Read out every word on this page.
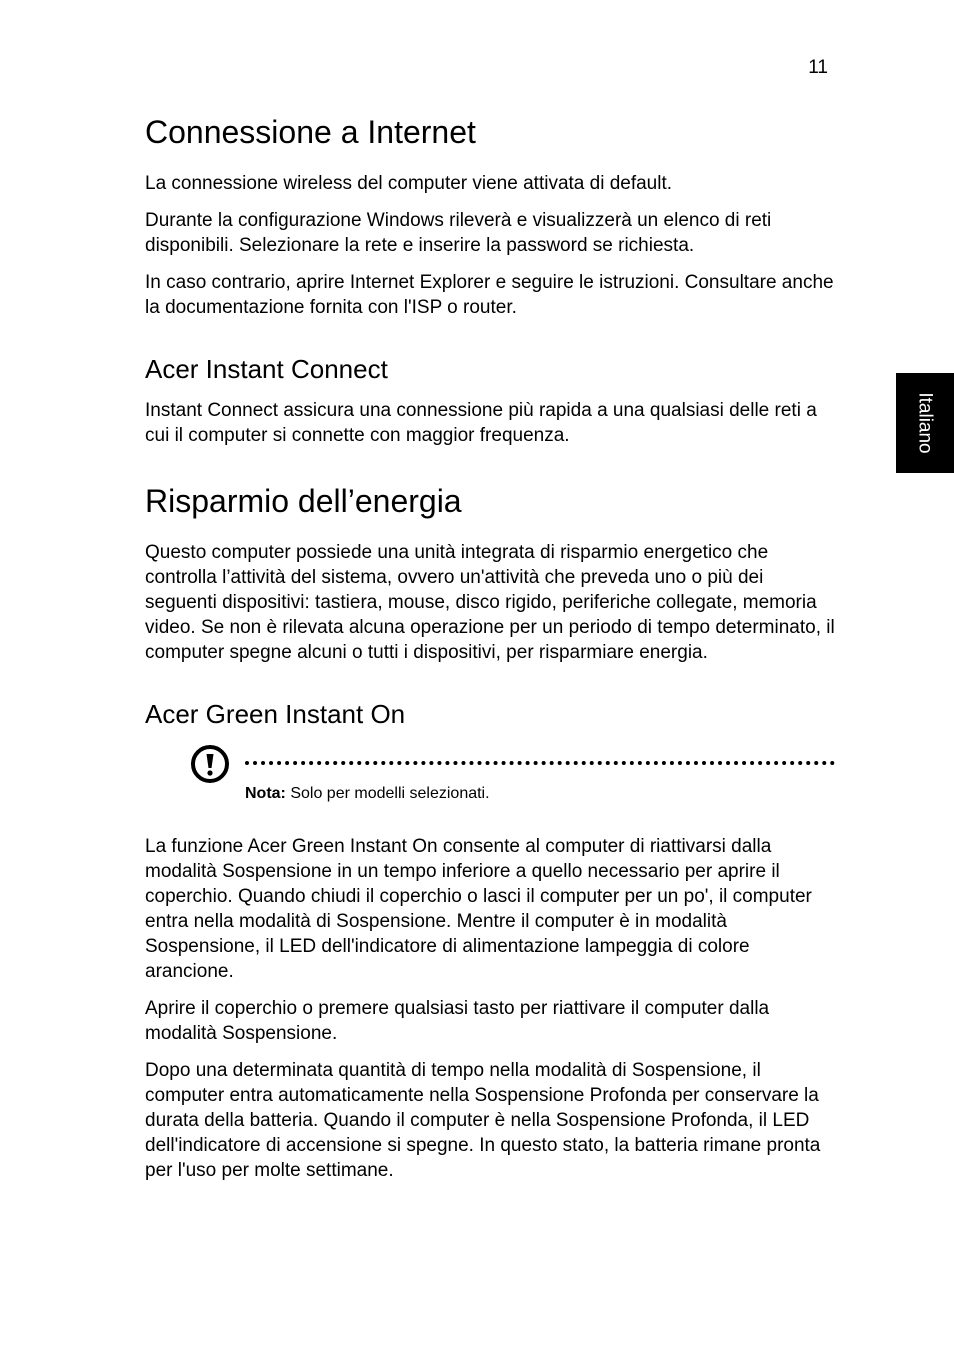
11
Italiano
Connessione a Internet

La connessione wireless del computer viene attivata di default.

Durante la configurazione Windows rileverà e visualizzerà un elenco di reti disponibili. Selezionare la rete e inserire la password se richiesta.

In caso contrario, aprire Internet Explorer e seguire le istruzioni. Consultare anche la documentazione fornita con l'ISP o router.

Acer Instant Connect

Instant Connect assicura una connessione più rapida a una qualsiasi delle reti a cui il computer si connette con maggior frequenza.

Risparmio dell’energia

Questo computer possiede una unità integrata di risparmio energetico che controlla l’attività del sistema, ovvero un'attività che preveda uno o più dei seguenti dispositivi: tastiera, mouse, disco rigido, periferiche collegate, memoria video. Se non è rilevata alcuna operazione per un periodo di tempo determinato, il computer spegne alcuni o tutti i dispositivi, per risparmiare energia.

Acer Green Instant On
Nota: Solo per modelli selezionati.

La funzione Acer Green Instant On consente al computer di riattivarsi dalla modalità Sospensione in un tempo inferiore a quello necessario per aprire il coperchio. Quando chiudi il coperchio o lasci il computer per un po', il computer entra nella modalità di Sospensione. Mentre il computer è in modalità Sospensione, il LED dell'indicatore di alimentazione lampeggia di colore arancione.

Aprire il coperchio o premere qualsiasi tasto per riattivare il computer dalla modalità Sospensione.

Dopo una determinata quantità di tempo nella modalità di Sospensione, il computer entra automaticamente nella Sospensione Profonda per conservare la durata della batteria. Quando il computer è nella Sospensione Profonda, il LED dell'indicatore di accensione si spegne. In questo stato, la batteria rimane pronta per l'uso per molte settimane.
